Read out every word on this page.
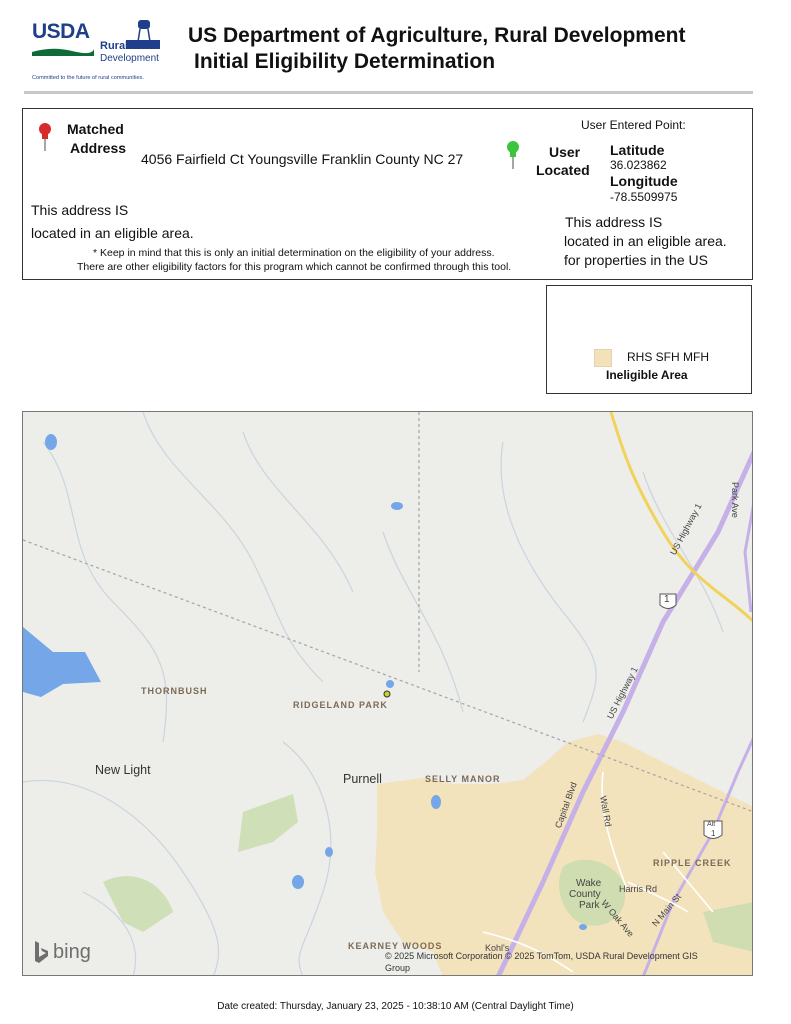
USDA
Rural
Development
Committed to the future of rural communities.
US Department of Agriculture, Rural Development
Initial Eligibility Determination
Matched
Address
4056 Fairfield Ct Youngsville Franklin County NC 27
User Entered Point:
User
Located
Latitude
36.023862
Longitude
-78.5509975
This address IS
located in an eligible area.
* Keep in mind that this is only an initial determination on the eligibility of your address.
There are other eligibility factors for this program which cannot be confirmed through this tool.
This address IS
located in an eligible area.
for properties in the US
RHS SFH MFH
Ineligible Area
1
Alt
1
THORNBUSH
RIDGELAND PARK
New Light
Purnell	SELLY MANOR
RIPPLE CREEK
Wake
County
Park
KEARNEY WOODS	Kohl's
US Highway 1
US Highway 1
Park Ave
Capital Blvd Wall Rd
Harris Rd
W Oak Ave N Main St
bing	© 2025 Microsoft Corporation © 2025 TomTom, USDA Rural Development GIS
Group
Date created: Thursday, January 23, 2025 - 10:38:10 AM (Central Daylight Time)
